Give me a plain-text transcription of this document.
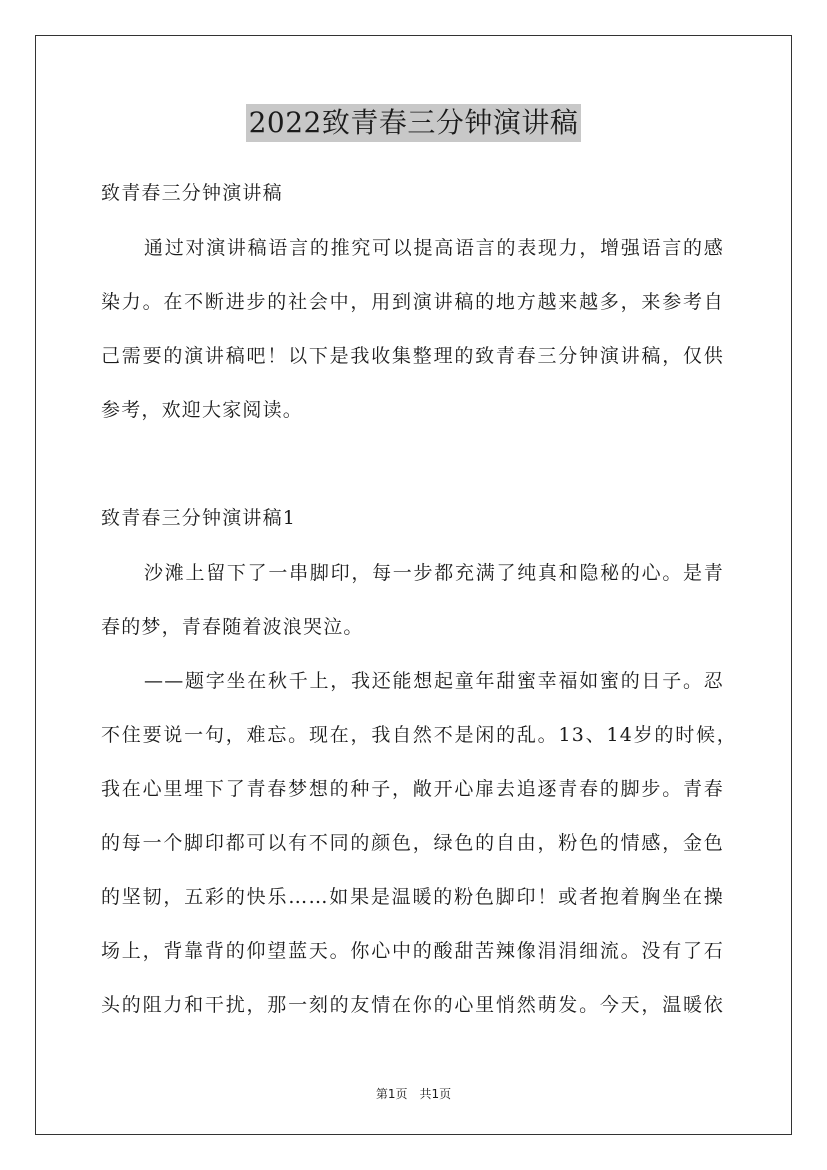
2022致青春三分钟演讲稿
致青春三分钟演讲稿
通过对演讲稿语言的推究可以提高语言的表现力，增强语言的感
染力。在不断进步的社会中，用到演讲稿的地方越来越多，来参考自
己需要的演讲稿吧！以下是我收集整理的致青春三分钟演讲稿，仅供
参考，欢迎大家阅读。
致青春三分钟演讲稿1
沙滩上留下了一串脚印，每一步都充满了纯真和隐秘的心。是青
春的梦，青春随着波浪哭泣。
——题字坐在秋千上，我还能想起童年甜蜜幸福如蜜的日子。忍
不住要说一句，难忘。现在，我自然不是闲的乱。13、14岁的时候，
我在心里埋下了青春梦想的种子，敞开心扉去追逐青春的脚步。青春
的每一个脚印都可以有不同的颜色，绿色的自由，粉色的情感，金色
的坚韧，五彩的快乐……如果是温暖的粉色脚印！或者抱着胸坐在操
场上，背靠背的仰望蓝天。你心中的酸甜苦辣像涓涓细流。没有了石
头的阻力和干扰，那一刻的友情在你的心里悄然萌发。今天，温暖依
第1页　共1页
